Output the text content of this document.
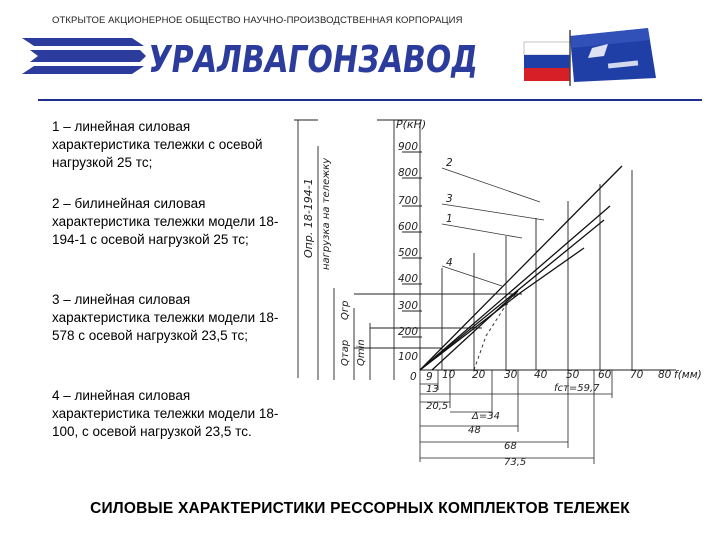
ОТКРЫТОЕ АКЦИОНЕРНОЕ ОБЩЕСТВО НАУЧНО-ПРОИЗВОДСТВЕННАЯ КОРПОРАЦИЯ
УРАЛВАГОНЗАВОД
1 – линейная силовая характеристика тележки с осевой нагрузкой 25 тс;
2 – билинейная силовая характеристика тележки модели 18-194-1 с осевой нагрузкой 25 тс;
3 – линейная силовая характеристика тележки модели 18-578 с осевой нагрузкой 23,5 тс;
4 – линейная силовая характеристика тележки модели 18-100, с осевой нагрузкой 23,5 тс.
Р(кН)
900
800
700
600
500
400
300
200
100
Опр. 18-194-1 нагрузка на тележку	2
3
1
4
Qтар Qmin
Qгр
0 9 10 20 30 40 50 60 70 80 f(мм)
13
20,5
Δ=34
48
68
73,5
fст=59,7
СИЛОВЫЕ ХАРАКТЕРИСТИКИ РЕССОРНЫХ КОМПЛЕКТОВ ТЕЛЕЖЕК
